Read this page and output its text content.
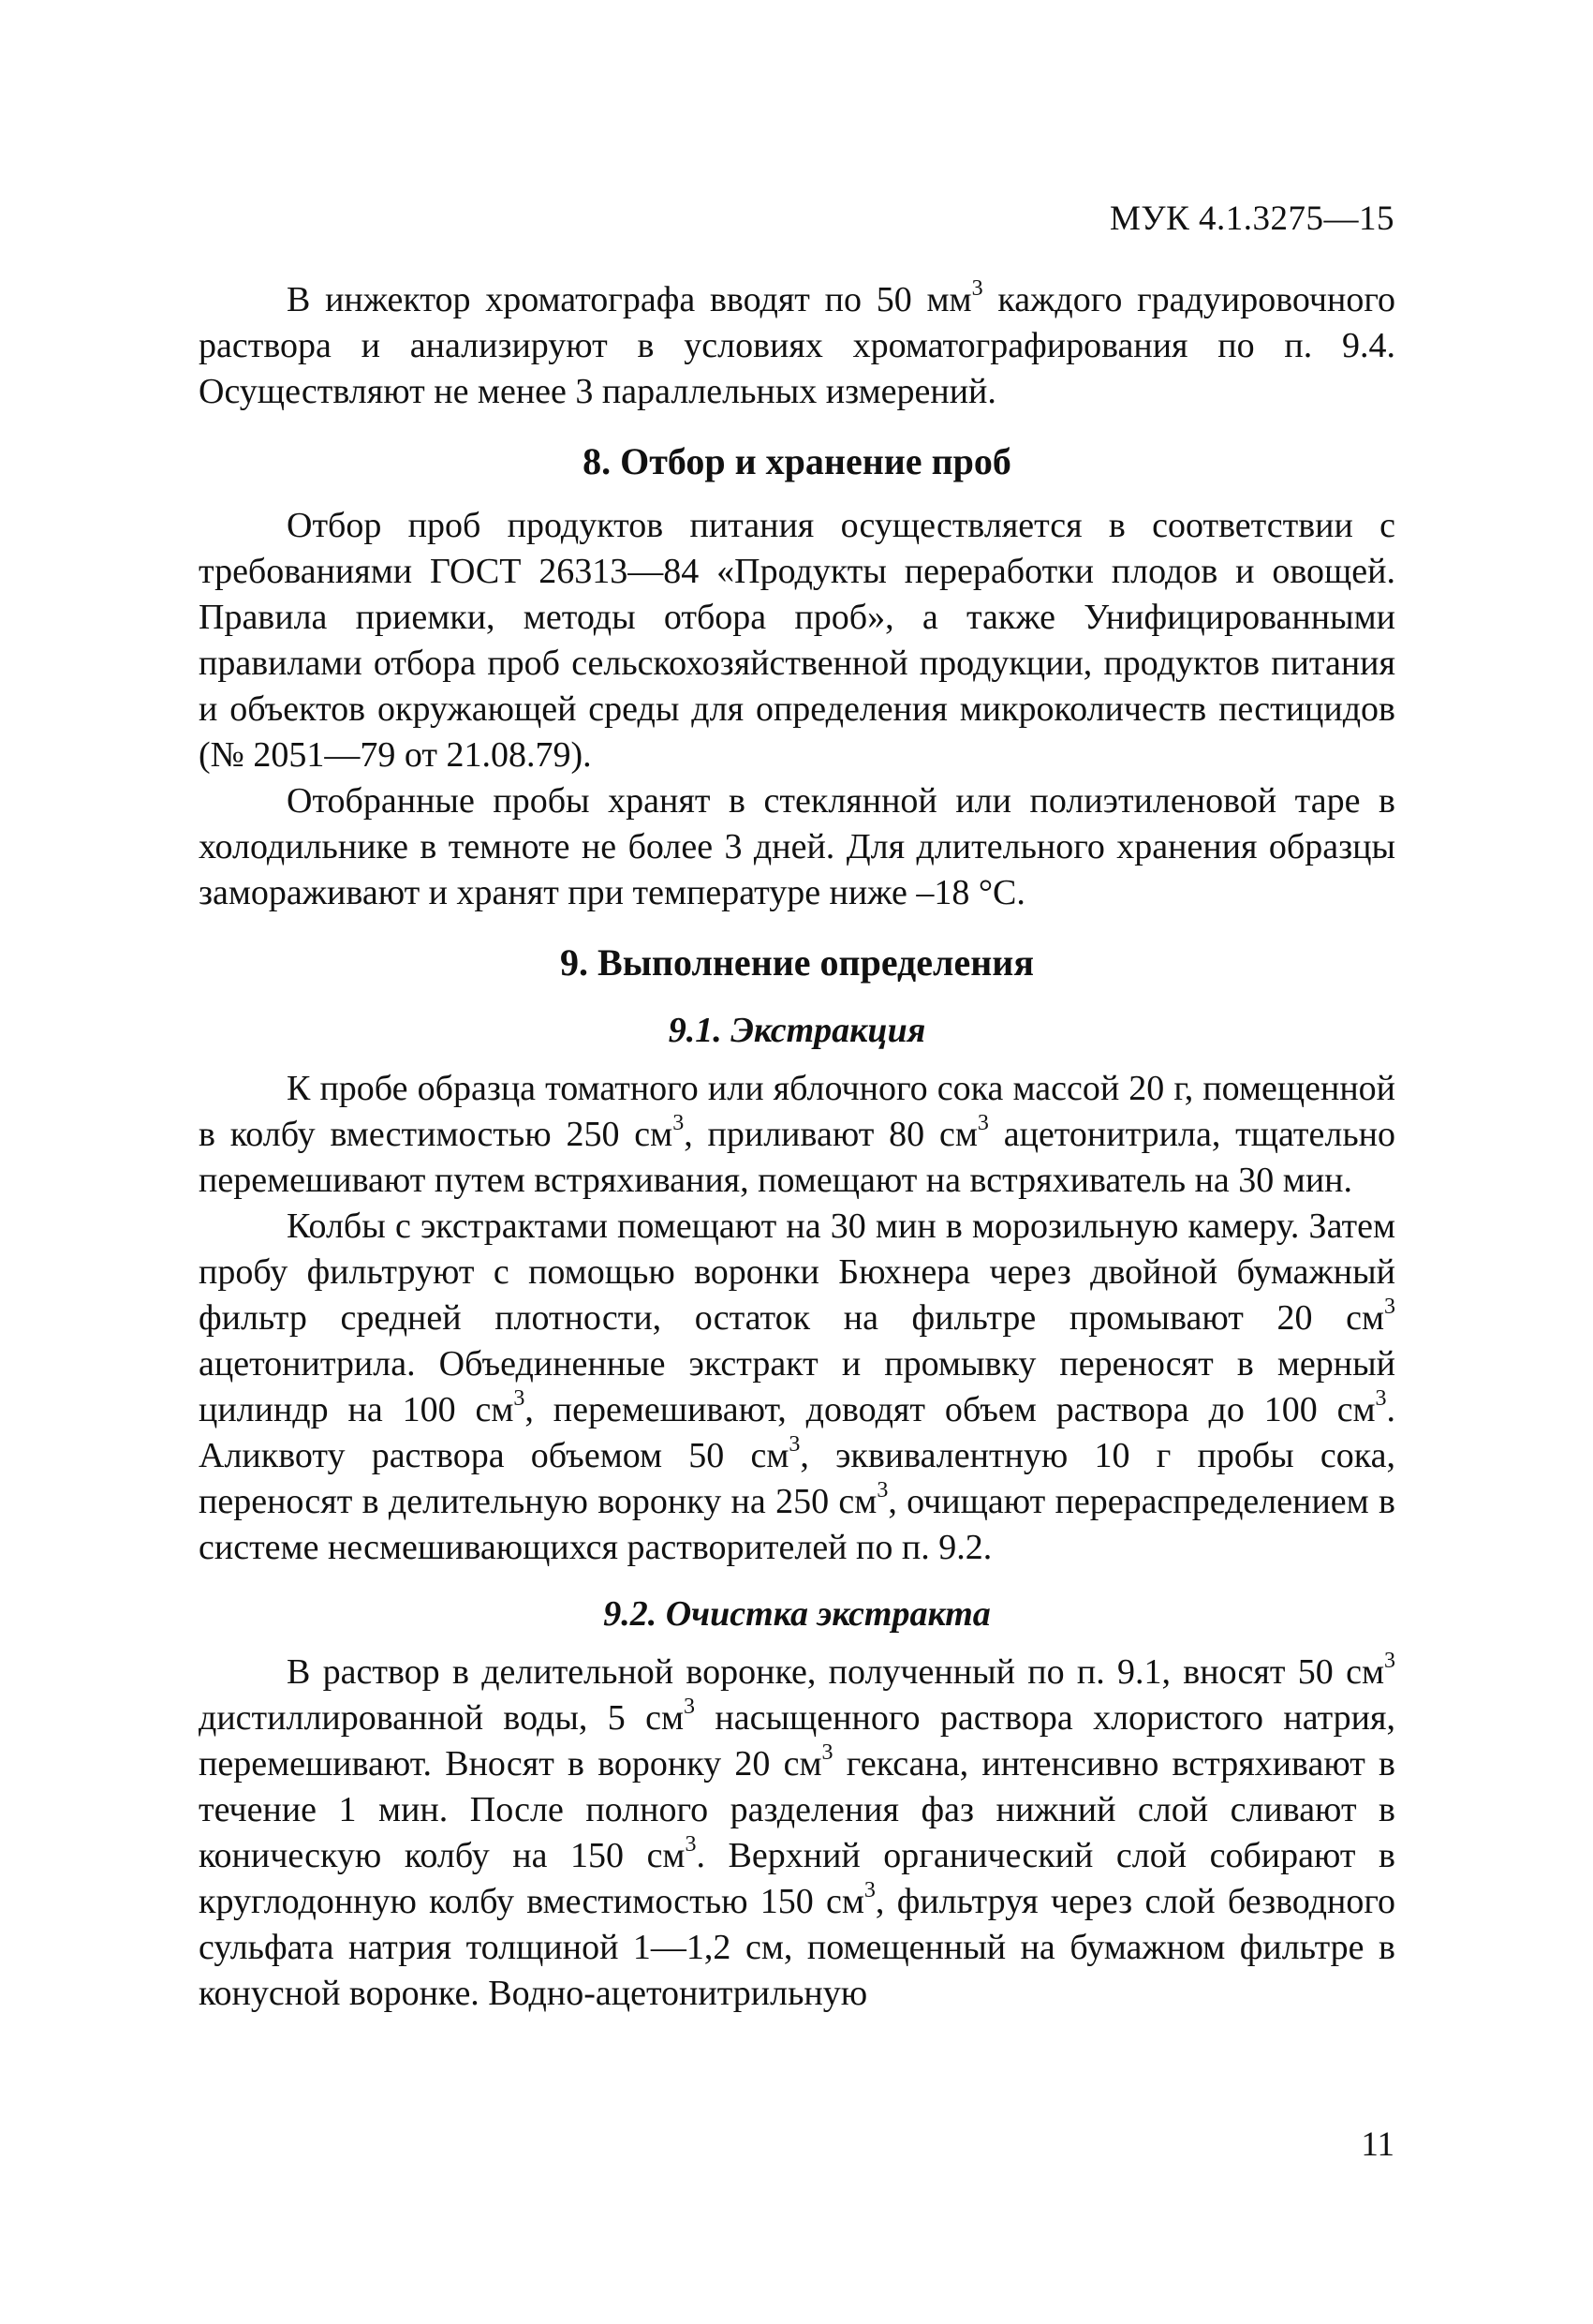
МУК 4.1.3275—15

В инжектор хроматографа вводят по 50 $мм^3$ каждого градуировочного раствора и анализируют в условиях хроматографирования по п. 9.4. Осуществляют не менее 3 параллельных измерений.

8. Отбор и хранение проб

Отбор проб продуктов питания осуществляется в соответствии с требованиями ГОСТ 26313—84 «Продукты переработки плодов и овощей. Правила приемки, методы отбора проб», а также Унифицированными правилами отбора проб сельскохозяйственной продукции, продуктов питания и объектов окружающей среды для определения микроколичеств пестицидов (№ 2051—79 от 21.08.79).

Отобранные пробы хранят в стеклянной или полиэтиленовой таре в холодильнике в темноте не более 3 дней. Для длительного хранения образцы замораживают и хранят при температуре ниже –18 °С.

9. Выполнение определения
9.1. Экстракция

К пробе образца томатного или яблочного сока массой 20 г, помещенной в колбу вместимостью 250 $см^3$, приливают 80 $см^3$ ацетонитрила, тщательно перемешивают путем встряхивания, помещают на встряхиватель на 30 мин.

Колбы с экстрактами помещают на 30 мин в морозильную камеру. Затем пробу фильтруют с помощью воронки Бюхнера через двойной бумажный фильтр средней плотности, остаток на фильтре промывают 20 $см^3$ ацетонитрила. Объединенные экстракт и промывку переносят в мерный цилиндр на 100 $см^3$, перемешивают, доводят объем раствора до 100 $см^3$. Аликвоту раствора объемом 50 $см^3$, эквивалентную 10 г пробы сока, переносят в делительную воронку на 250 $см^3$, очищают перераспределением в системе несмешивающихся растворителей по п. 9.2.

9.2. Очистка экстракта

В раствор в делительной воронке, полученный по п. 9.1, вносят 50 $см^3$ дистиллированной воды, 5 $см^3$ насыщенного раствора хлористого натрия, перемешивают. Вносят в воронку 20 $см^3$ гексана, интенсивно встряхивают в течение 1 мин. После полного разделения фаз нижний слой сливают в коническую колбу на 150 $см^3$. Верхний органический слой собирают в круглодонную колбу вместимостью 150 $см^3$, фильтруя через слой безводного сульфата натрия толщиной 1—1,2 см, помещенный на бумажном фильтре в конусной воронке. Водно-ацетонитрильную

11
